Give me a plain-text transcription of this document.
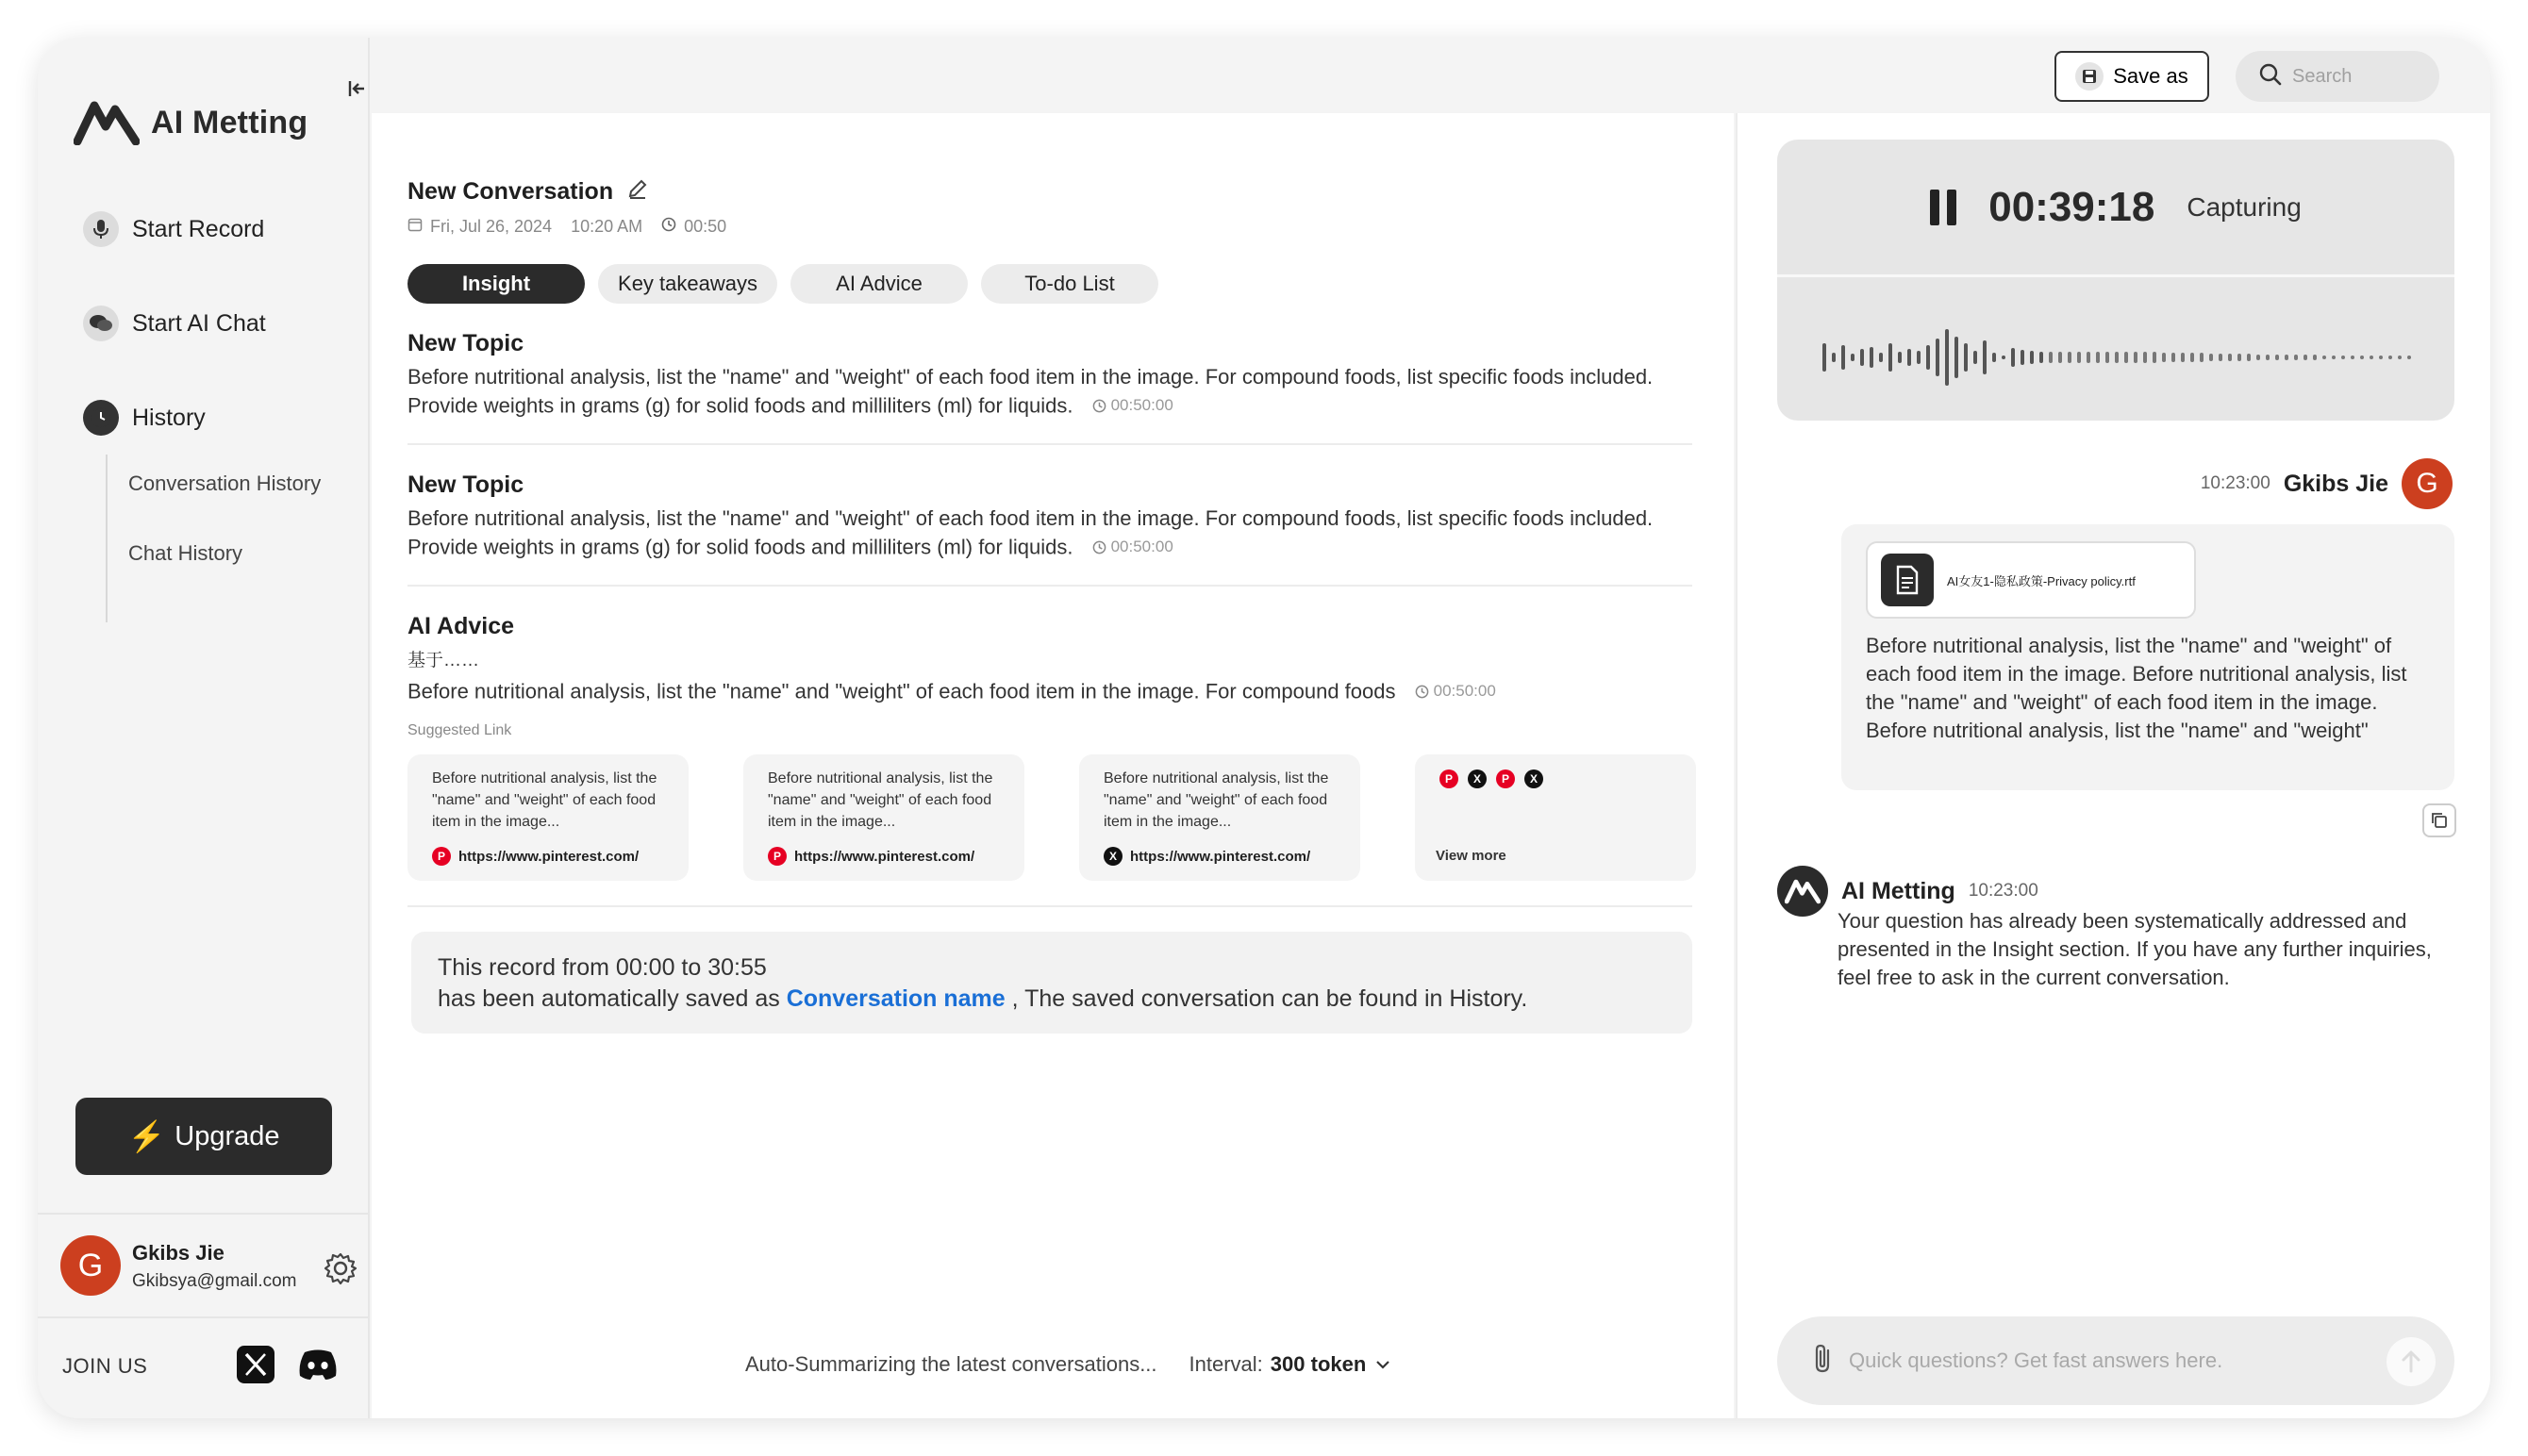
AI Metting
Start Record
Start AI Chat
History
Conversation History
Chat History
⚡ Upgrade
G	Gkibs Jie
Gkibsya@gmail.com
JOIN US
Save as
Search
New Conversation
Fri, Jul 26, 2024 10:20 AM 00:50
Insight	Key takeaways	AI Advice	To-do List
New Topic
Before nutritional analysis, list the "name" and "weight" of each food item in the image. For compound foods, list specific foods included. Provide weights in grams (g) for solid foods and milliliters (ml) for liquids. 00:50:00
New Topic
Before nutritional analysis, list the "name" and "weight" of each food item in the image. For compound foods, list specific foods included. Provide weights in grams (g) for solid foods and milliliters (ml) for liquids. 00:50:00
AI Advice
基于……
Before nutritional analysis, list the "name" and "weight" of each food item in the image. For compound foods 00:50:00
Suggested Link
Before nutritional analysis, list the "name" and "weight" of each food item in the image...
P https://www.pinterest.com/
Before nutritional analysis, list the "name" and "weight" of each food item in the image...
P https://www.pinterest.com/
Before nutritional analysis, list the "name" and "weight" of each food item in the image...
X https://www.pinterest.com/
P	X	P	X
View more
This record from 00:00 to 30:55
has been automatically saved as Conversation name , The saved conversation can be found in History.
Auto-Summarizing the latest conversations... Interval: 300 token
00:39:18 Capturing
10:23:00 Gkibs Jie G
AI女友1-隐私政策-Privacy policy.rtf
Before nutritional analysis, list the "name" and "weight" of each food item in the image. Before nutritional analysis, list the "name" and "weight" of each food item in the image. Before nutritional analysis, list the "name" and "weight"
AI Metting 10:23:00
Your question has already been systematically addressed and presented in the Insight section. If you have any further inquiries, feel free to ask in the current conversation.
Quick questions? Get fast answers here.
